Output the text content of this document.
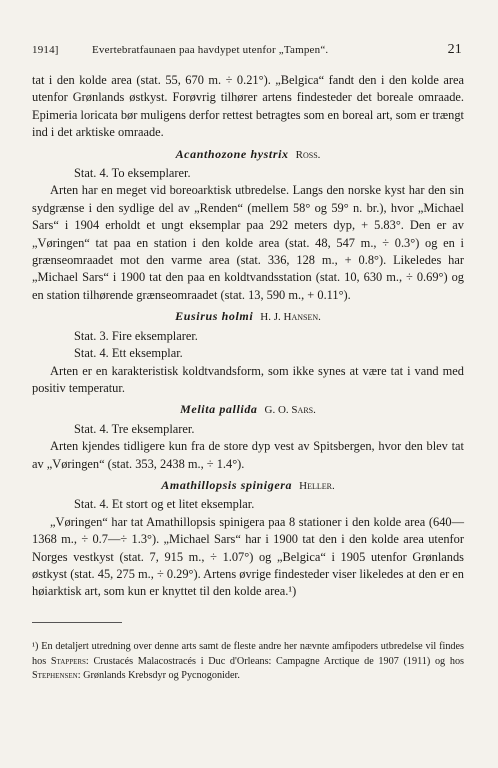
1914]	Evertebratfaunaen paa havdypet utenfor „Tampen“.	21

tat i den kolde area (stat. 55, 670 m. ÷ 0.21°). „Belgica“ fandt den i den kolde area utenfor Grønlands østkyst. Forøvrig tilhører artens findesteder det boreale omraade. Epimeria loricata bør muligens derfor rettest betragtes som en boreal art, som er trængt ind i det arktiske omraade.

Acanthozone hystrix Ross.

Stat. 4. To eksemplarer.

Arten har en meget vid boreoarktisk utbredelse. Langs den norske kyst har den sin sydgrænse i den sydlige del av „Renden“ (mellem 58° og 59° n. br.), hvor „Michael Sars“ i 1904 erholdt et ungt eksemplar paa 292 meters dyp, + 5.83°. Den er av „Vøringen“ tat paa en station i den kolde area (stat. 48, 547 m., ÷ 0.3°) og en i grænseomraadet mot den varme area (stat. 336, 128 m., + 0.8°). Likeledes har „Michael Sars“ i 1900 tat den paa en koldtvandsstation (stat. 10, 630 m., ÷ 0.69°) og en station tilhørende grænseomraadet (stat. 13, 590 m., + 0.11°).

Eusirus holmi H. J. Hansen.

Stat. 3. Fire eksemplarer.

Stat. 4. Ett eksemplar.

Arten er en karakteristisk koldtvandsform, som ikke synes at være tat i vand med positiv temperatur.

Melita pallida G. O. Sars.

Stat. 4. Tre eksemplarer.

Arten kjendes tidligere kun fra de store dyp vest av Spitsbergen, hvor den blev tat av „Vøringen“ (stat. 353, 2438 m., ÷ 1.4°).

Amathillopsis spinigera Heller.

Stat. 4. Et stort og et litet eksemplar.

„Vøringen“ har tat Amathillopsis spinigera paa 8 stationer i den kolde area (640—1368 m., ÷ 0.7—÷ 1.3°). „Michael Sars“ har i 1900 tat den i den kolde area utenfor Norges vestkyst (stat. 7, 915 m., ÷ 1.07°) og „Belgica“ i 1905 utenfor Grønlands østkyst (stat. 45, 275 m., ÷ 0.29°). Artens øvrige findesteder viser likeledes at den er en høiarktisk art, som kun er knyttet til den kolde area.¹)

¹) En detaljert utredning over denne arts samt de fleste andre her nævnte amfipoders utbredelse vil findes hos Stappers: Crustacés Malacostracés i Duc d'Orleans: Campagne Arctique de 1907 (1911) og hos Stephensen: Grønlands Krebsdyr og Pycnogonider.
